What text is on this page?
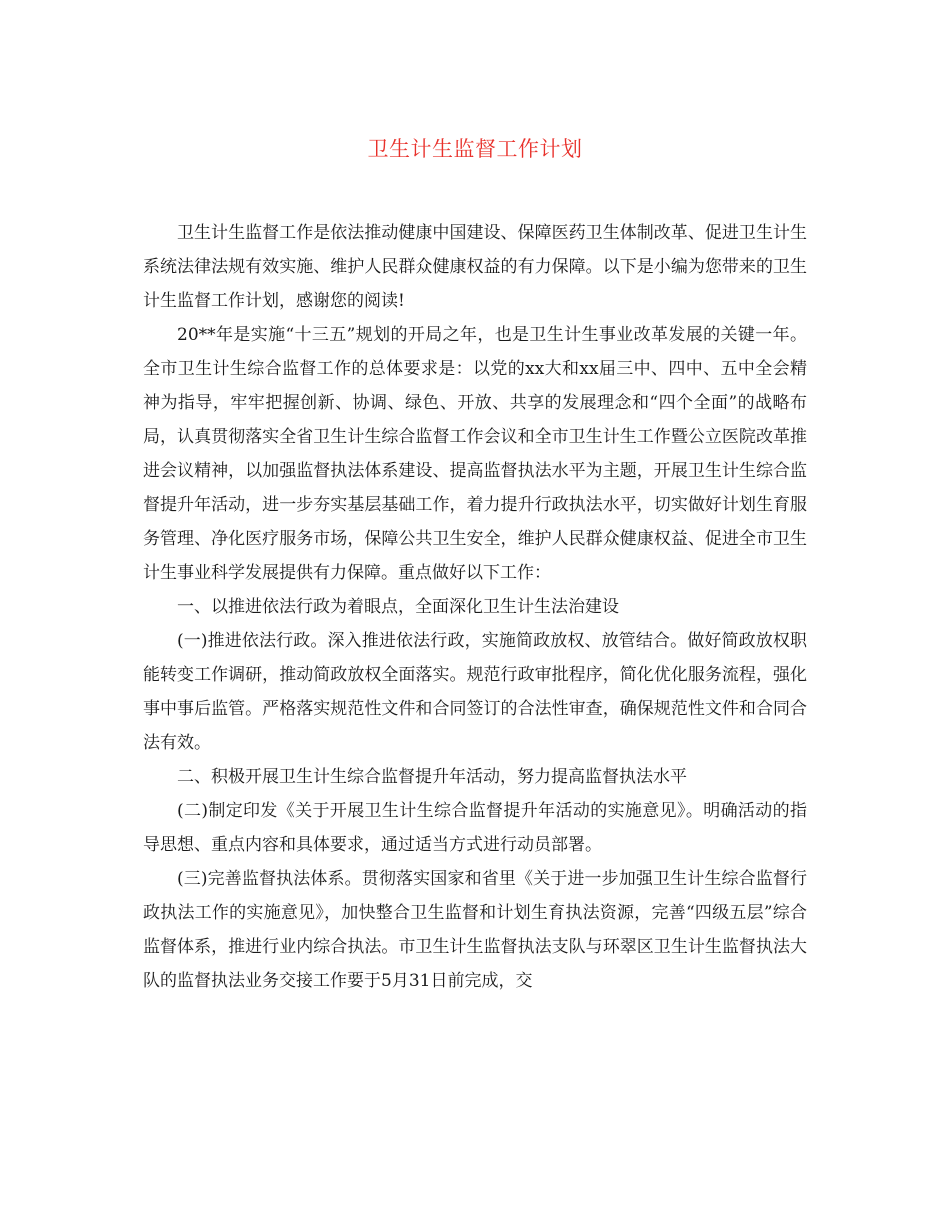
卫生计生监督工作计划

卫生计生监督工作是依法推动健康中国建设、保障医药卫生体制改革、促进卫生计生系统法律法规有效实施、维护人民群众健康权益的有力保障。以下是小编为您带来的卫生计生监督工作计划，感谢您的阅读!

20**年是实施“十三五”规划的开局之年，也是卫生计生事业改革发展的关键一年。全市卫生计生综合监督工作的总体要求是：以党的xx大和xx届三中、四中、五中全会精神为指导，牢牢把握创新、协调、绿色、开放、共享的发展理念和“四个全面”的战略布局，认真贯彻落实全省卫生计生综合监督工作会议和全市卫生计生工作暨公立医院改革推进会议精神，以加强监督执法体系建设、提高监督执法水平为主题，开展卫生计生综合监督提升年活动，进一步夯实基层基础工作，着力提升行政执法水平，切实做好计划生育服务管理、净化医疗服务市场，保障公共卫生安全，维护人民群众健康权益、促进全市卫生计生事业科学发展提供有力保障。重点做好以下工作：

一、以推进依法行政为着眼点，全面深化卫生计生法治建设

(一)推进依法行政。深入推进依法行政，实施简政放权、放管结合。做好简政放权职能转变工作调研，推动简政放权全面落实。规范行政审批程序，简化优化服务流程，强化事中事后监管。严格落实规范性文件和合同签订的合法性审查，确保规范性文件和合同合法有效。

二、积极开展卫生计生综合监督提升年活动，努力提高监督执法水平

(二)制定印发《关于开展卫生计生综合监督提升年活动的实施意见》。明确活动的指导思想、重点内容和具体要求，通过适当方式进行动员部署。

(三)完善监督执法体系。贯彻落实国家和省里《关于进一步加强卫生计生综合监督行政执法工作的实施意见》，加快整合卫生监督和计划生育执法资源，完善“四级五层”综合监督体系，推进行业内综合执法。市卫生计生监督执法支队与环翠区卫生计生监督执法大队的监督执法业务交接工作要于5月31日前完成，交
